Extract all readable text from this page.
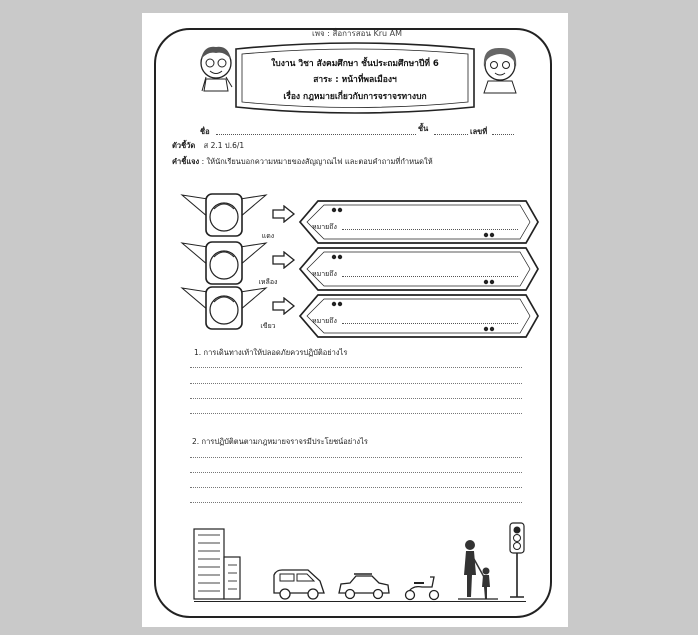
เพจ : สื่อการสอน Kru AM
ใบงาน วิชา สังคมศึกษา ชั้นประถมศึกษาปีที่ 6
สาระ : หน้าที่พลเมืองฯ
เรื่อง กฎหมายเกี่ยวกับการจราจรทางบก
ชื่อ	ชั้น	เลขที่
ตัวชี้วัด ส 2.1 ป.6/1
คำชี้แจง : ให้นักเรียนบอกความหมายของสัญญาณไฟ และตอบคำถามที่กำหนดให้
แดง
หมายถึง
เหลือง
หมายถึง
เขียว
หมายถึง
1. การเดินทางเท้าให้ปลอดภัยควรปฏิบัติอย่างไร
2. การปฏิบัติตนตามกฎหมายจราจรมีประโยชน์อย่างไร
